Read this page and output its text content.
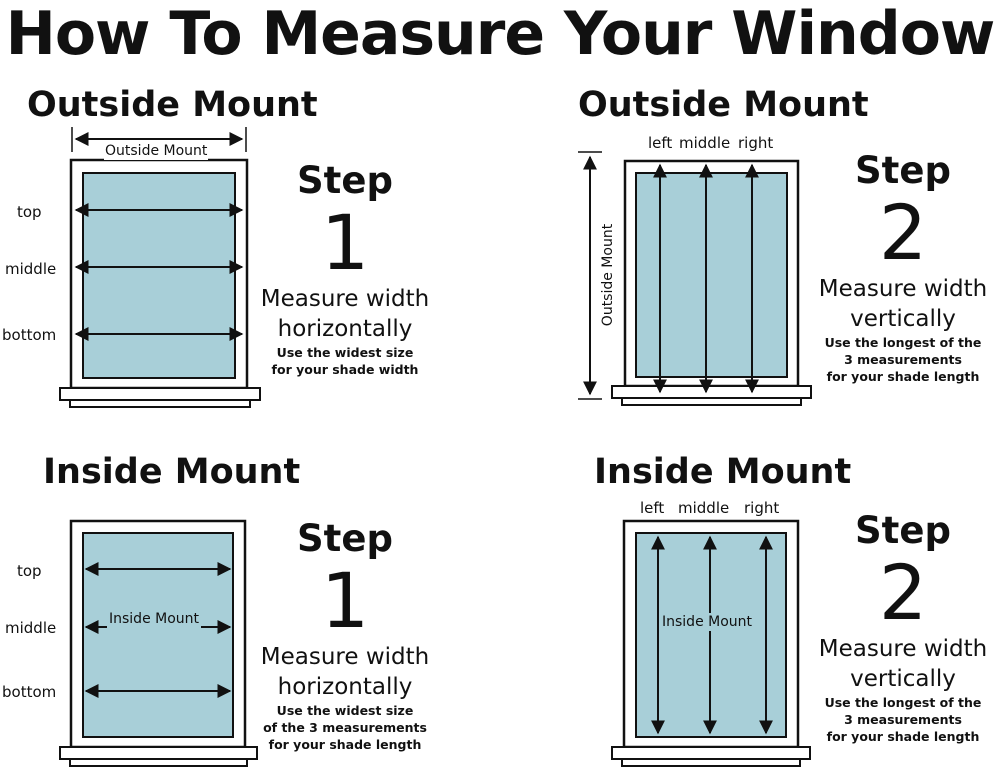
How To Measure Your Window
Outside Mount
Outside Mount
top
middle
bottom
Step
1
Measure width
horizontally
Use the widest size
for your shade width
Outside Mount
left middle right
Outside Mount
Step
2
Measure width
vertically
Use the longest of the
3 measurements
for your shade length
Inside Mount
top
middle
bottom
Inside Mount
Step
1
Measure width
horizontally
Use the widest size
of the 3 measurements
for your shade length
Inside Mount
left middle right
Inside Mount
Step
2
Measure width
vertically
Use the longest of the
3 measurements
for your shade length
